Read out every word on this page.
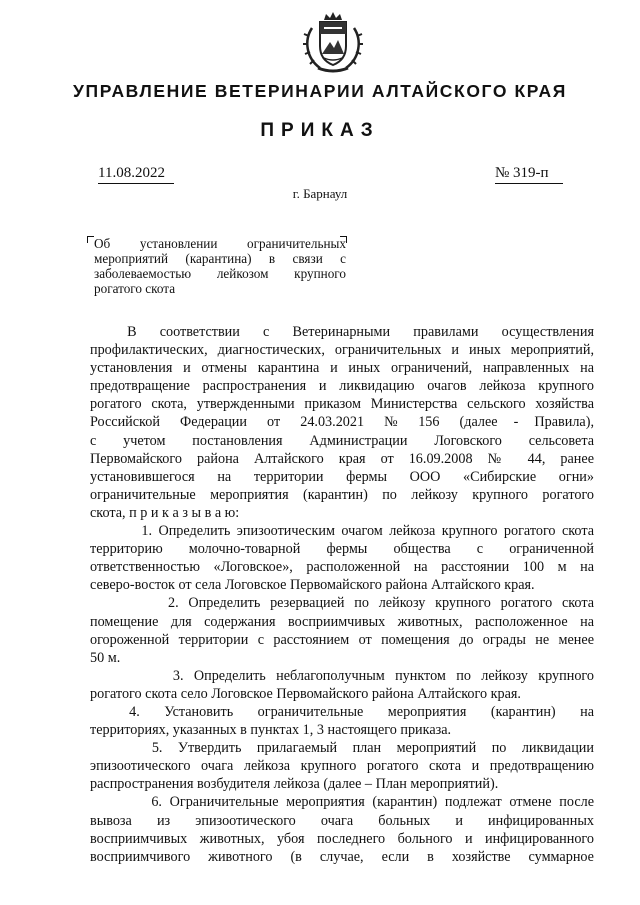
УПРАВЛЕНИЕ ВЕТЕРИНАРИИ АЛТАЙСКОГО КРАЯ
ПРИКАЗ
11.08.2022	№ 319-п
г. Барнаул
Об установлении ограничительных
мероприятий (карантина) в связи с
заболеваемостью лейкозом крупного
рогатого скота
В     соответствии     с     Ветеринарными     правилами     осуществления
профилактических, диагностических, ограничительных и иных мероприятий,
установления и отмены карантина и иных ограничений, направленных на
предотвращение распространения и ликвидацию очагов лейкоза крупного
рогатого скота, утвержденными приказом Министерства сельского хозяйства
Российской     Федерации     от     24.03.2021     №     156     (далее    -    Правила),
с     учетом     постановления     Администрации     Логовского     сельсовета
Первомайского района Алтайского края от 16.09.2008 № 44, ранее
установившегося     на     территории     фермы     ООО     «Сибирские     огни»
ограничительные мероприятия (карантин) по лейкозу крупного рогатого
скота, п р и к а з ы в а ю:
1. Определить эпизоотическим очагом лейкоза крупного рогатого скота
территорию     молочно-товарной     фермы     общества     с     ограниченной
ответственностью «Логовское», расположенной на расстоянии 100 м на
северо-восток от села Логовское Первомайского района Алтайского края.
2. Определить резервацией по лейкозу крупного рогатого скота
помещение для содержания восприимчивых животных, расположенное на
огороженной территории с расстоянием от помещения до ограды не менее
50 м.
3. Определить неблагополучным пунктом по лейкозу крупного
рогатого скота село Логовское Первомайского района Алтайского края.
4.     Установить     ограничительные     мероприятия     (карантин)     на
территориях, указанных в пунктах 1, 3 настоящего приказа.
5.  Утвердить  прилагаемый  план  мероприятий  по  ликвидации
эпизоотического очага лейкоза крупного рогатого скота и предотвращению
распространения возбудителя лейкоза (далее – План мероприятий).
6. Ограничительные мероприятия (карантин) подлежат отмене после
вывоза     из     эпизоотического     очага     больных     и     инфицированных
восприимчивых животных, убоя последнего больного и инфицированного
восприимчивого  животного  (в  случае,  если  в  хозяйстве  суммарное
